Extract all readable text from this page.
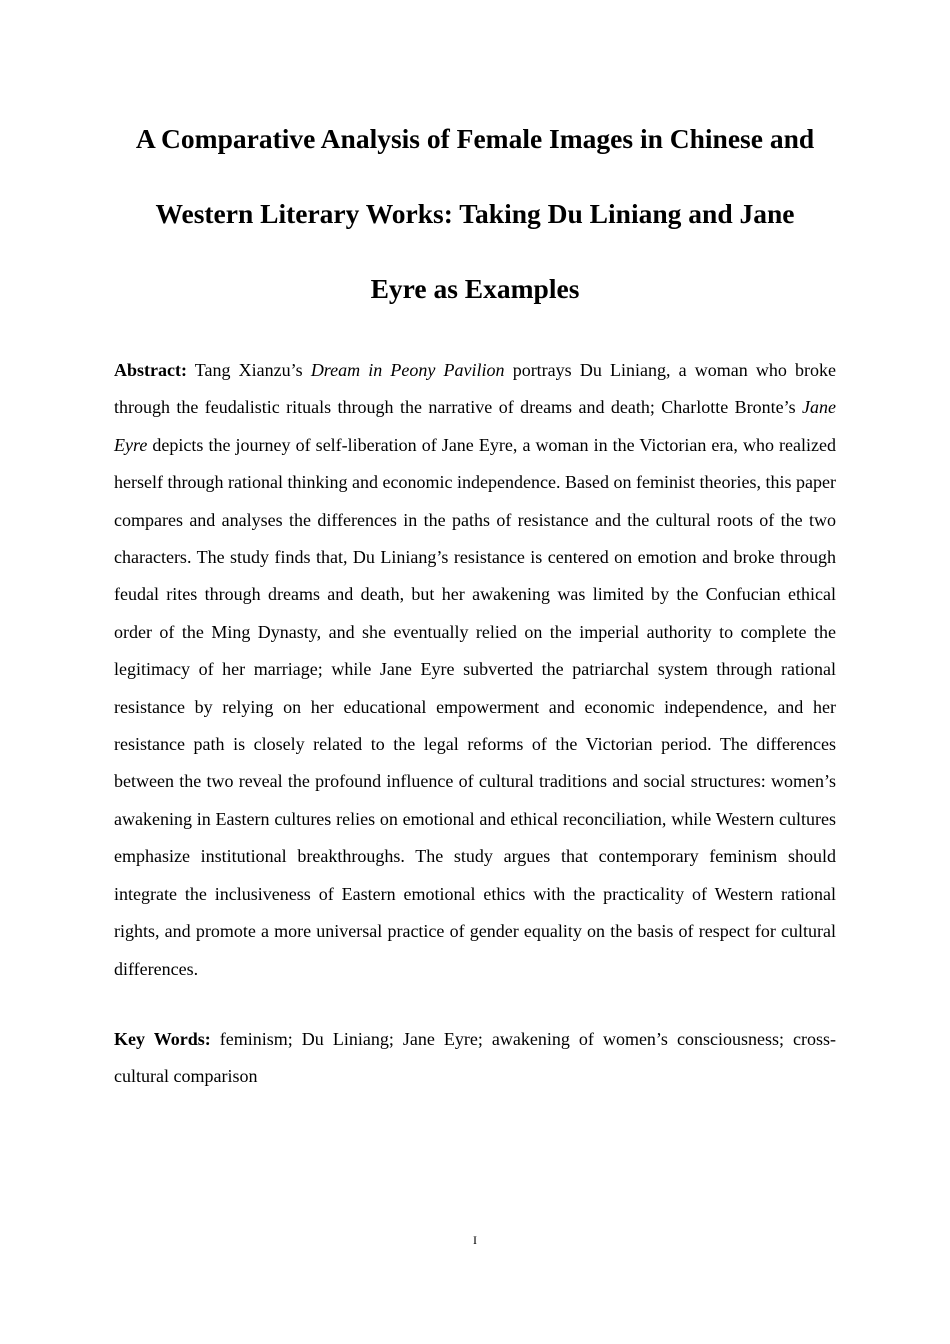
A Comparative Analysis of Female Images in Chinese and
Western Literary Works: Taking Du Liniang and Jane
Eyre as Examples

Abstract: Tang Xianzu’s Dream in Peony Pavilion portrays Du Liniang, a woman who broke through the feudalistic rituals through the narrative of dreams and death; Charlotte Bronte’s Jane Eyre depicts the journey of self-liberation of Jane Eyre, a woman in the Victorian era, who realized herself through rational thinking and economic independence. Based on feminist theories, this paper compares and analyses the differences in the paths of resistance and the cultural roots of the two characters. The study finds that, Du Liniang’s resistance is centered on emotion and broke through feudal rites through dreams and death, but her awakening was limited by the Confucian ethical order of the Ming Dynasty, and she eventually relied on the imperial authority to complete the legitimacy of her marriage; while Jane Eyre subverted the patriarchal system through rational resistance by relying on her educational empowerment and economic independence, and her resistance path is closely related to the legal reforms of the Victorian period. The differences between the two reveal the profound influence of cultural traditions and social structures: women’s awakening in Eastern cultures relies on emotional and ethical reconciliation, while Western cultures emphasize institutional breakthroughs. The study argues that contemporary feminism should integrate the inclusiveness of Eastern emotional ethics with the practicality of Western rational rights, and promote a more universal practice of gender equality on the basis of respect for cultural differences.

Key Words: feminism; Du Liniang; Jane Eyre; awakening of women’s consciousness; cross-cultural comparison

I
